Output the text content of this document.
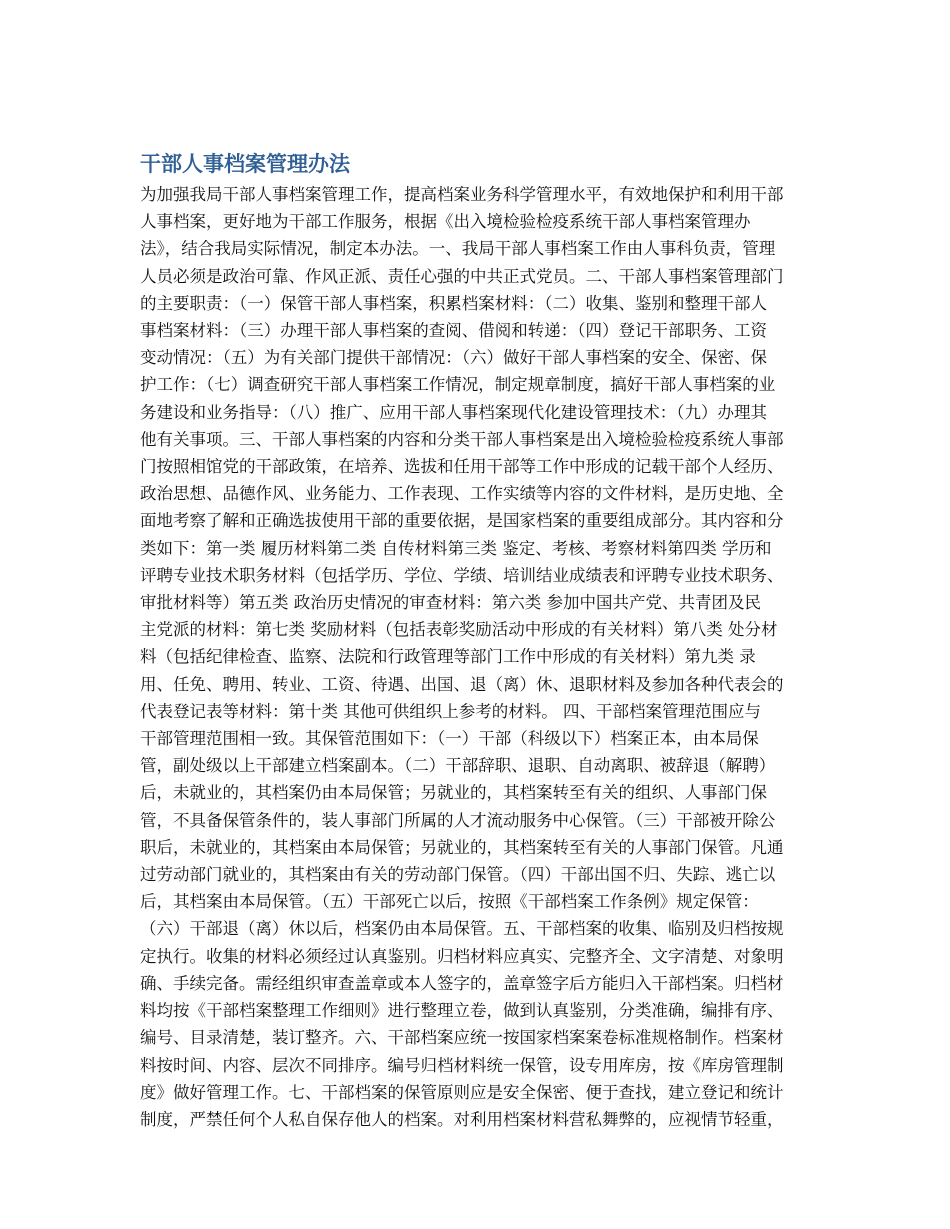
干部人事档案管理办法
为加强我局干部人事档案管理工作，提高档案业务科学管理水平，有效地保护和利用干部
人事档案，更好地为干部工作服务，根据《出入境检验检疫系统干部人事档案管理办
法》，结合我局实际情况，制定本办法。一、我局干部人事档案工作由人事科负责，管理
人员必须是政治可靠、作风正派、责任心强的中共正式党员。二、干部人事档案管理部门
的主要职责：（一）保管干部人事档案，积累档案材料：（二）收集、鉴别和整理干部人
事档案材料：（三）办理干部人事档案的查阅、借阅和转递：（四）登记干部职务、工资
变动情况：（五）为有关部门提供干部情况：（六）做好干部人事档案的安全、保密、保
护工作：（七）调查研究干部人事档案工作情况，制定规章制度，搞好干部人事档案的业
务建设和业务指导：（八）推广、应用干部人事档案现代化建设管理技术：（九）办理其
他有关事项。三、干部人事档案的内容和分类干部人事档案是出入境检验检疫系统人事部
门按照相馆党的干部政策，在培养、选拔和任用干部等工作中形成的记载干部个人经历、
政治思想、品德作风、业务能力、工作表现、工作实绩等内容的文件材料，是历史地、全
面地考察了解和正确选拔使用干部的重要依据，是国家档案的重要组成部分。其内容和分
类如下：第一类 履历材料第二类 自传材料第三类 鉴定、考核、考察材料第四类 学历和
评聘专业技术职务材料（包括学历、学位、学绩、培训结业成绩表和评聘专业技术职务、
审批材料等）第五类 政治历史情况的审查材料：第六类 参加中国共产党、共青团及民
主党派的材料：第七类 奖励材料（包括表彰奖励活动中形成的有关材料）第八类 处分材
料（包括纪律检查、监察、法院和行政管理等部门工作中形成的有关材料）第九类 录
用、任免、聘用、转业、工资、待遇、出国、退（离）休、退职材料及参加各种代表会的
代表登记表等材料：第十类 其他可供组织上参考的材料。 四、干部档案管理范围应与
干部管理范围相一致。其保管范围如下：（一）干部（科级以下）档案正本，由本局保
管，副处级以上干部建立档案副本。（二）干部辞职、退职、自动离职、被辞退（解聘）
后，未就业的，其档案仍由本局保管；另就业的，其档案转至有关的组织、人事部门保
管，不具备保管条件的，装人事部门所属的人才流动服务中心保管。（三）干部被开除公
职后，未就业的，其档案由本局保管；另就业的，其档案转至有关的人事部门保管。凡通
过劳动部门就业的，其档案由有关的劳动部门保管。（四）干部出国不归、失踪、逃亡以
后，其档案由本局保管。（五）干部死亡以后，按照《干部档案工作条例》规定保管：
（六）干部退（离）休以后，档案仍由本局保管。五、干部档案的收集、临别及归档按规
定执行。收集的材料必须经过认真鉴别。归档材料应真实、完整齐全、文字清楚、对象明
确、手续完备。需经组织审查盖章或本人签字的，盖章签字后方能归入干部档案。归档材
料均按《干部档案整理工作细则》进行整理立卷，做到认真鉴别，分类准确，编排有序、
编号、目录清楚，装订整齐。六、干部档案应统一按国家档案案卷标准规格制作。档案材
料按时间、内容、层次不同排序。编号归档材料统一保管，设专用库房，按《库房管理制
度》做好管理工作。七、干部档案的保管原则应是安全保密、便于查找，建立登记和统计
制度，严禁任何个人私自保存他人的档案。对利用档案材料营私舞弊的，应视情节轻重，
